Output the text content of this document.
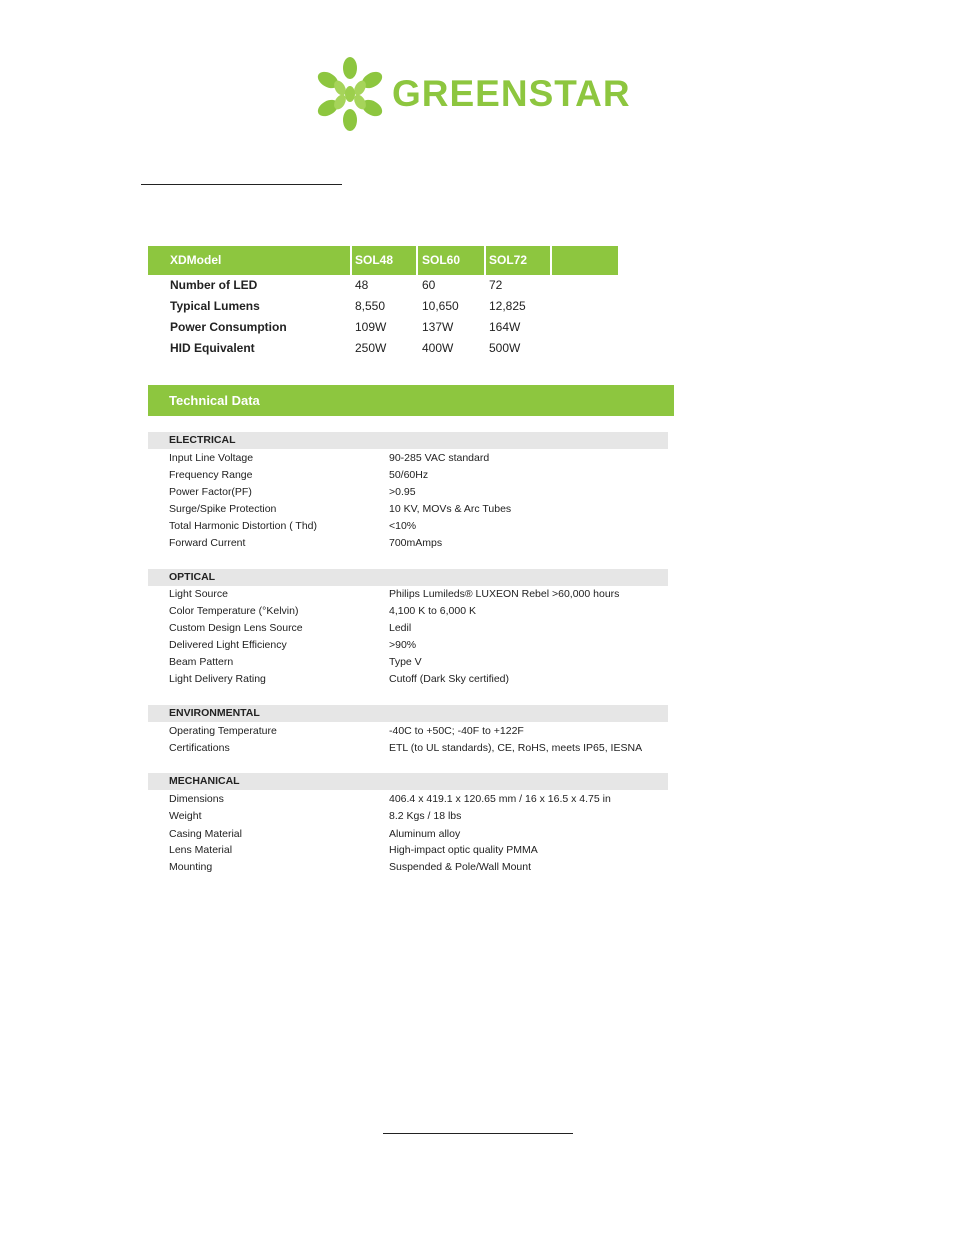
GREENSTAR
XDModel	SOL48 SOL60 SOL72
Number of LED	48	60	72
Typical Lumens	8,550	10,650	12,825
Power Consumption	109W	137W	164W
HID Equivalent	250W	400W	500W
Technical Data
ELECTRICAL
Input Line Voltage	90-285 VAC standard
Frequency Range	50/60Hz
Power Factor(PF)	>0.95
Surge/Spike Protection	10 KV, MOVs & Arc Tubes
Total Harmonic Distortion ( Thd)	<10%
Forward Current	700mAmps
OPTICAL
Light Source	Philips Lumileds® LUXEON Rebel >60,000 hours
Color Temperature (°Kelvin)	4,100 K to 6,000 K
Custom Design Lens Source	Ledil
Delivered Light Efficiency	>90%
Beam Pattern	Type V
Light Delivery Rating	Cutoff (Dark Sky certified)
ENVIRONMENTAL
Operating Temperature	-40C to +50C; -40F to +122F
Certifications	ETL (to UL standards), CE, RoHS, meets IP65, IESNA
MECHANICAL
Dimensions	406.4 x 419.1 x 120.65 mm / 16 x 16.5 x 4.75 in
Weight	8.2 Kgs / 18 lbs
Casing Material	Aluminum alloy
Lens Material	High-impact optic quality PMMA
Mounting	Suspended & Pole/Wall Mount
